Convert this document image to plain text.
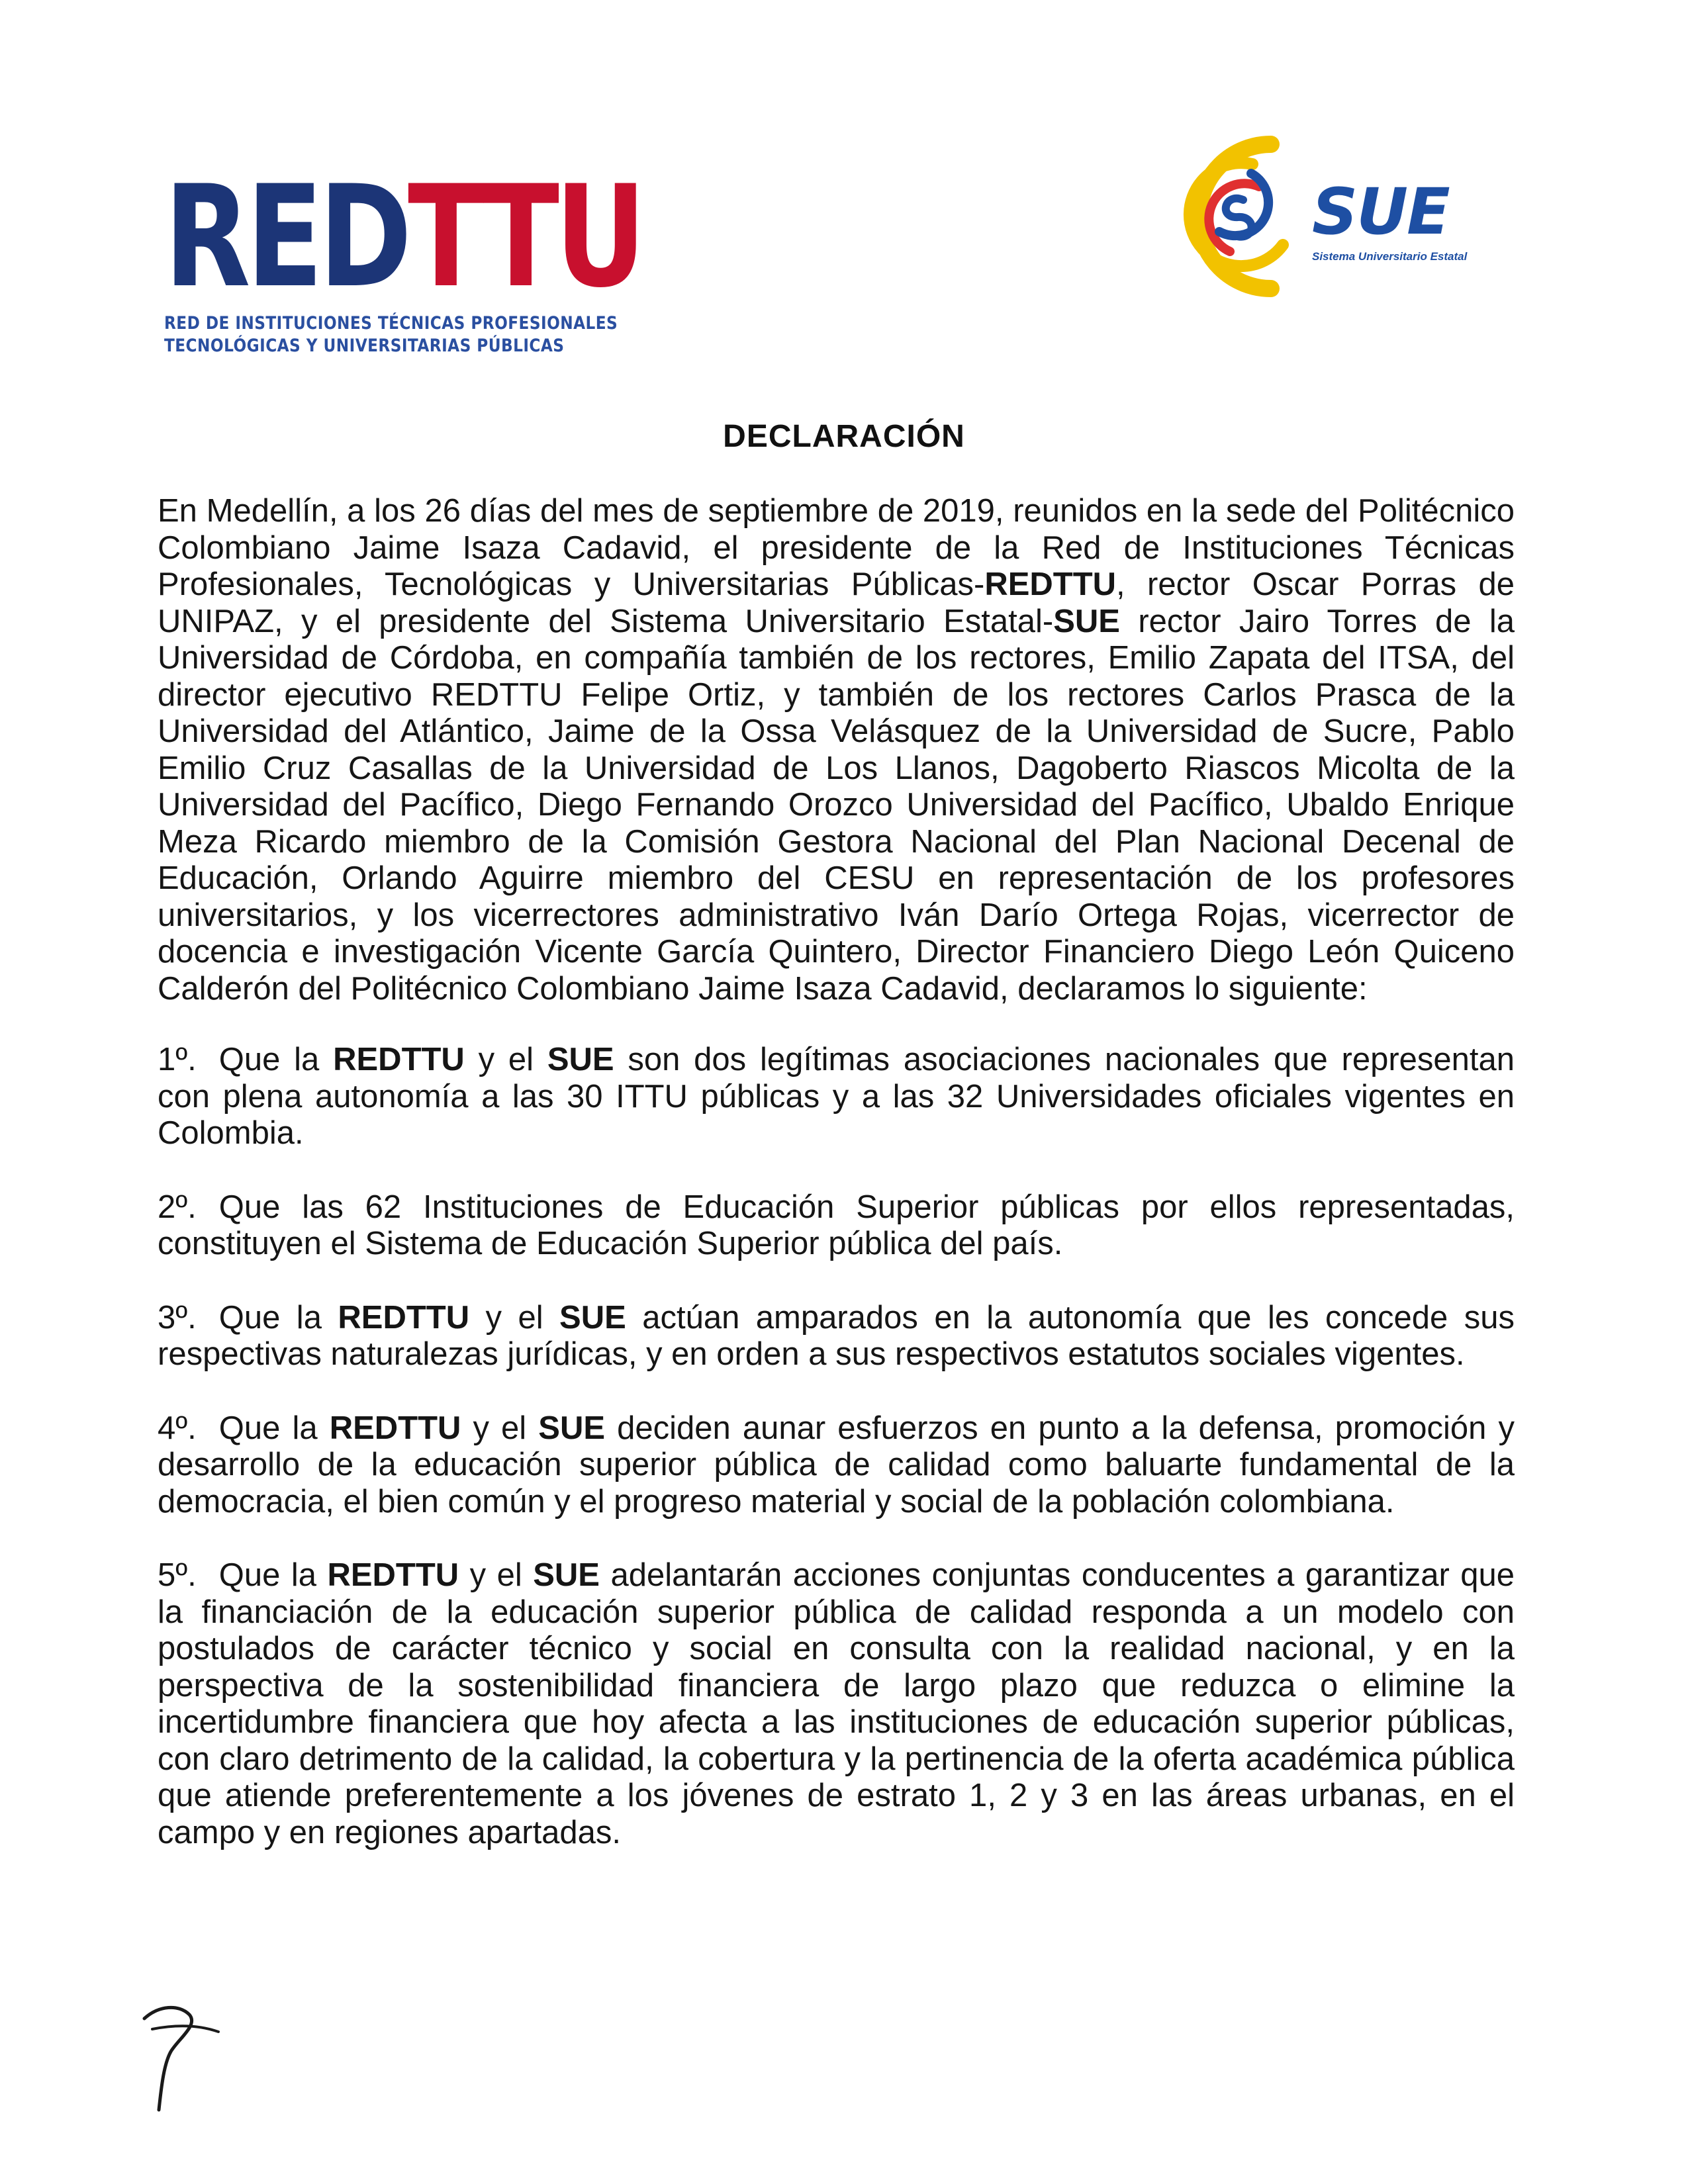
REDTTU
RED DE INSTITUCIONES TÉCNICAS PROFESIONALES
TECNOLÓGICAS Y UNIVERSITARIAS PÚBLICAS
SUE
Sistema Universitario Estatal
DECLARACIÓN

En Medellín, a los 26 días del mes de septiembre de 2019, reunidos en la sede del Politécnico Colombiano Jaime Isaza Cadavid, el presidente de la Red de Instituciones Técnicas Profesionales, Tecnológicas y Universitarias Públicas-REDTTU, rector Oscar Porras de UNIPAZ, y el presidente del Sistema Universitario Estatal-SUE rector Jairo Torres de la Universidad de Córdoba, en compañía también de los rectores, Emilio Zapata del ITSA, del director ejecutivo REDTTU Felipe Ortiz, y también de los rectores Carlos Prasca de la Universidad del Atlántico, Jaime de la Ossa Velásquez de la Universidad de Sucre, Pablo Emilio Cruz Casallas de la Universidad de Los Llanos, Dagoberto Riascos Micolta de la Universidad del Pacífico, Diego Fernando Orozco Universidad del Pacífico, Ubaldo Enrique Meza Ricardo miembro de la Comisión Gestora Nacional del Plan Nacional Decenal de Educación, Orlando Aguirre miembro del CESU en representación de los profesores universitarios, y los vicerrectores administrativo Iván Darío Ortega Rojas, vicerrector de docencia e investigación Vicente García Quintero, Director Financiero Diego León Quiceno Calderón del Politécnico Colombiano Jaime Isaza Cadavid, declaramos lo siguiente:

1º. Que la REDTTU y el SUE son dos legítimas asociaciones nacionales que representan con plena autonomía a las 30 ITTU públicas y a las 32 Universidades oficiales vigentes en Colombia.

2º. Que las 62 Instituciones de Educación Superior públicas por ellos representadas, constituyen el Sistema de Educación Superior pública del país.

3º. Que la REDTTU y el SUE actúan amparados en la autonomía que les concede sus respectivas naturalezas jurídicas, y en orden a sus respectivos estatutos sociales vigentes.

4º. Que la REDTTU y el SUE deciden aunar esfuerzos en punto a la defensa, promoción y desarrollo de la educación superior pública de calidad como baluarte fundamental de la democracia, el bien común y el progreso material y social de la población colombiana.

5º. Que la REDTTU y el SUE adelantarán acciones conjuntas conducentes a garantizar que la financiación de la educación superior pública de calidad responda a un modelo con postulados de carácter técnico y social en consulta con la realidad nacional, y en la perspectiva de la sostenibilidad financiera de largo plazo que reduzca o elimine la incertidumbre financiera que hoy afecta a las instituciones de educación superior públicas, con claro detrimento de la calidad, la cobertura y la pertinencia de la oferta académica pública que atiende preferentemente a los jóvenes de estrato 1, 2 y 3 en las áreas urbanas, en el campo y en regiones apartadas.
